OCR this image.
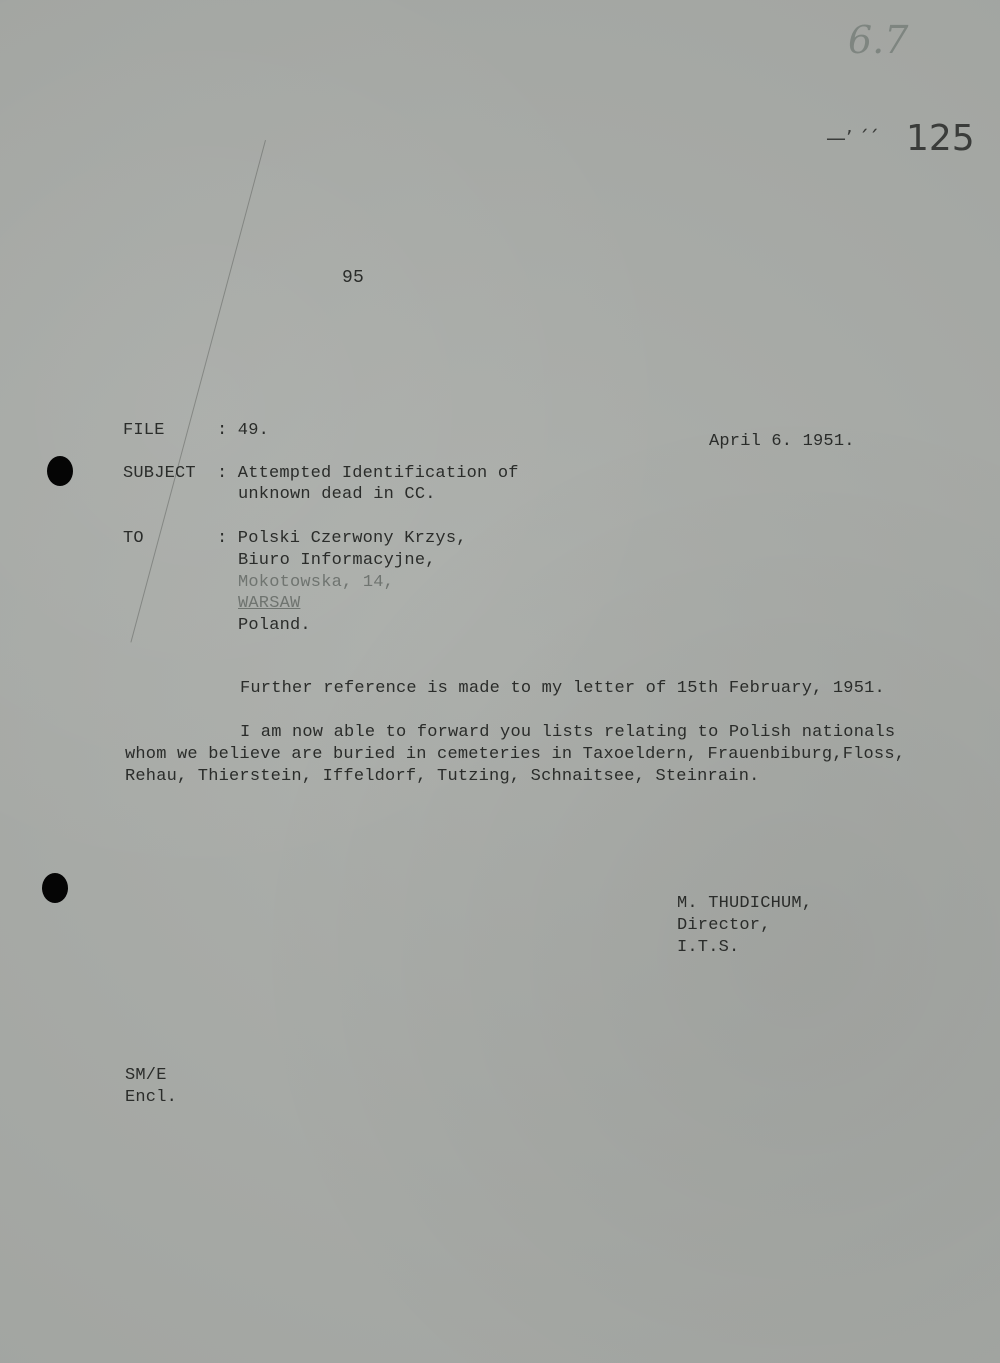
6.7
—’ ´´ 125
95
FILE	: 49.
April 6. 1951.
SUBJECT : Attempted Identification of
unknown dead in CC.
TO	: Polski Czerwony Krzys,
Biuro Informacyjne,
Mokotowska, 14,
WARSAW
Poland.
Further reference is made to my letter of 15th February, 1951.
I am now able to forward you lists relating to Polish nationals
whom we believe are buried in cemeteries in Taxoeldern, Frauenbiburg,Floss,
Rehau, Thierstein, Iffeldorf, Tutzing, Schnaitsee, Steinrain.
M. THUDICHUM,
Director,
I.T.S.
SM/E
Encl.
